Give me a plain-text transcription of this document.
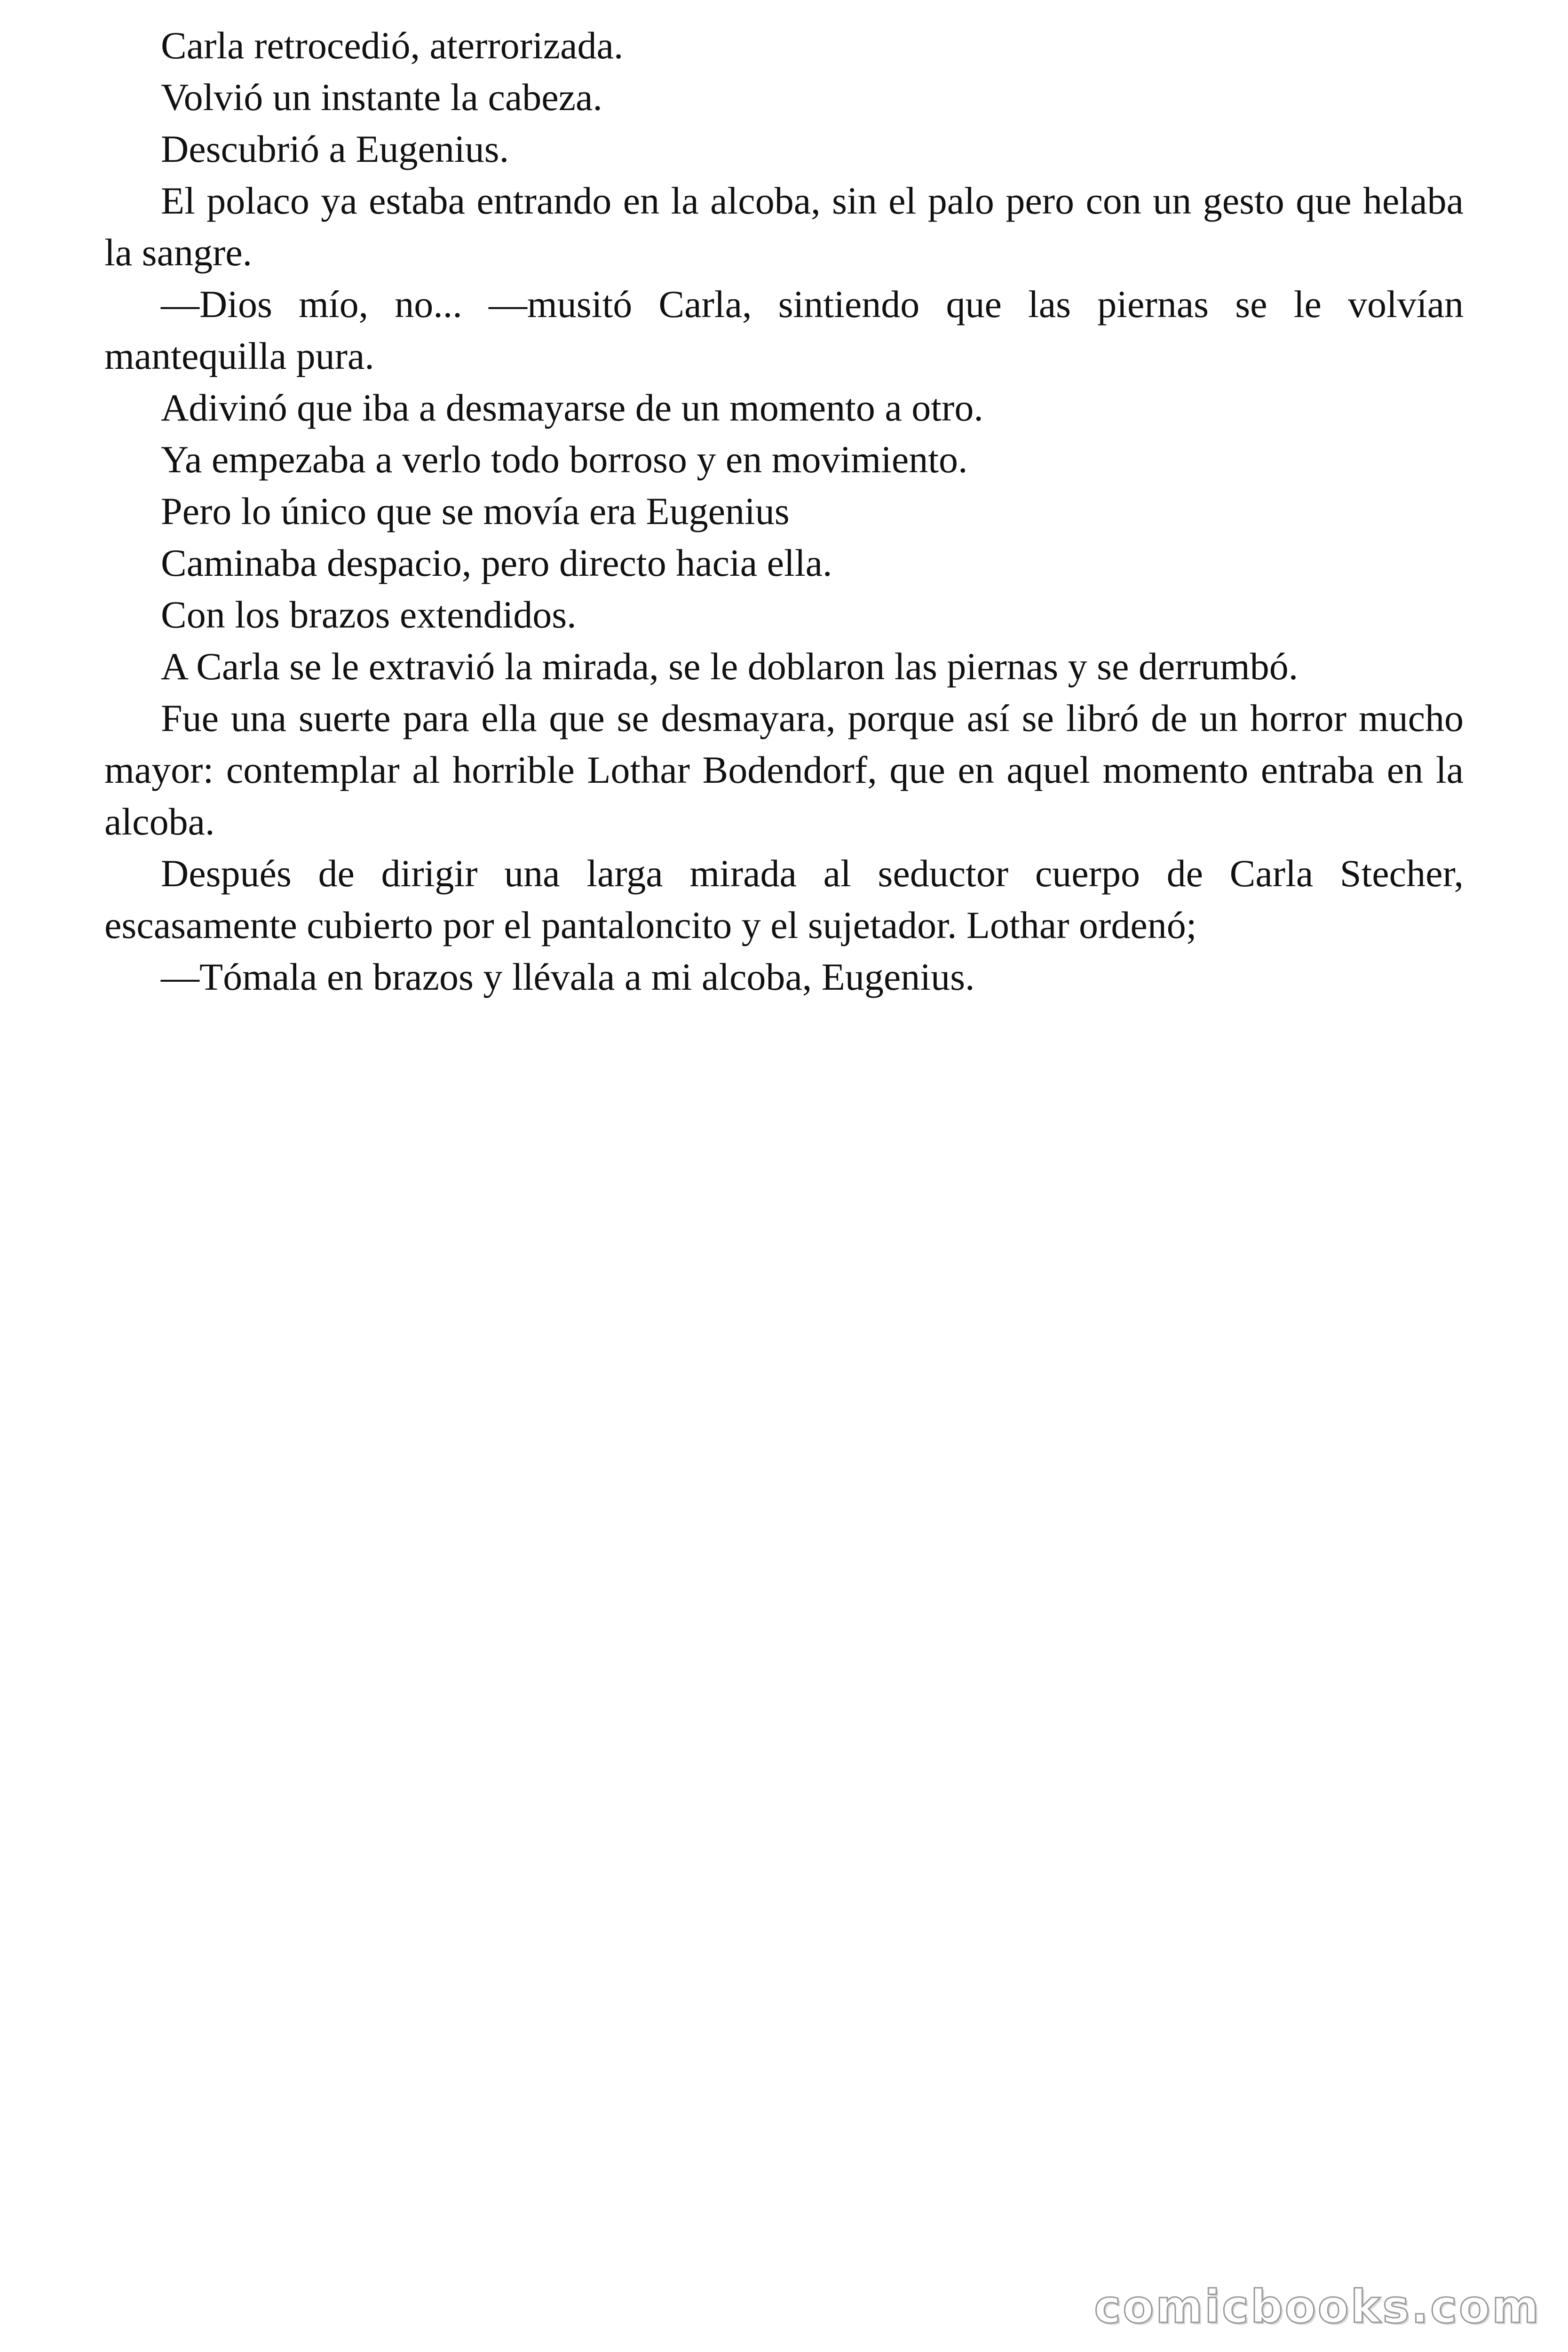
Carla retrocedió, aterrorizada.

Volvió un instante la cabeza.

Descubrió a Eugenius.

El polaco ya estaba entrando en la alcoba, sin el palo pero con un gesto que helaba la sangre.

—Dios mío, no... —musitó Carla, sintiendo que las piernas se le volvían mantequilla pura.

Adivinó que iba a desmayarse de un momento a otro.

Ya empezaba a verlo todo borroso y en movimiento.

Pero lo único que se movía era Eugenius

Caminaba despacio, pero directo hacia ella.

Con los brazos extendidos.

A Carla se le extravió la mirada, se le doblaron las piernas y se derrumbó.

Fue una suerte para ella que se desmayara, porque así se libró de un horror mucho mayor: contemplar al horrible Lothar Bodendorf, que en aquel momento entraba en la alcoba.

Después de dirigir una larga mirada al seductor cuerpo de Carla Stecher, escasamente cubierto por el pantaloncito y el sujetador. Lothar ordenó;

—Tómala en brazos y llévala a mi alcoba, Eugenius.

comicbooks.com
